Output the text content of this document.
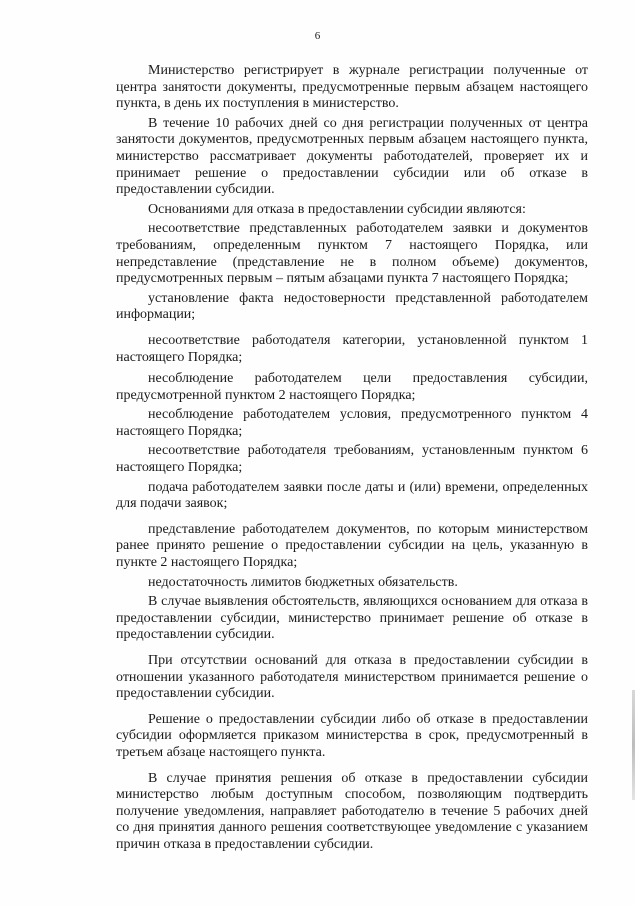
6

Министерство регистрирует в журнале регистрации полученные от центра занятости документы, предусмотренные первым абзацем настоящего пункта, в день их поступления в министерство.

В течение 10 рабочих дней со дня регистрации полученных от центра занятости документов, предусмотренных первым абзацем настоящего пункта, министерство рассматривает документы работодателей, проверяет их и принимает решение о предоставлении субсидии или об отказе в предоставлении субсидии.

Основаниями для отказа в предоставлении субсидии являются:

несоответствие представленных работодателем заявки и документов требованиям, определенным пунктом 7 настоящего Порядка, или непредставление (представление не в полном объеме) документов, предусмотренных первым – пятым абзацами пункта 7 настоящего Порядка;

установление факта недостоверности представленной работодателем информации;

несоответствие работодателя категории, установленной пунктом 1 настоящего Порядка;

несоблюдение работодателем цели предоставления субсидии, предусмотренной пунктом 2 настоящего Порядка;

несоблюдение работодателем условия, предусмотренного пунктом 4 настоящего Порядка;

несоответствие работодателя требованиям, установленным пунктом 6 настоящего Порядка;

подача работодателем заявки после даты и (или) времени, определенных для подачи заявок;

представление работодателем документов, по которым министерством ранее принято решение о предоставлении субсидии на цель, указанную в пункте 2 настоящего Порядка;

недостаточность лимитов бюджетных обязательств.

В случае выявления обстоятельств, являющихся основанием для отказа в предоставлении субсидии, министерство принимает решение об отказе в предоставлении субсидии.

При отсутствии оснований для отказа в предоставлении субсидии в отношении указанного работодателя министерством принимается решение о предоставлении субсидии.

Решение о предоставлении субсидии либо об отказе в предоставлении субсидии оформляется приказом министерства в срок, предусмотренный в третьем абзаце настоящего пункта.

В случае принятия решения об отказе в предоставлении субсидии министерство любым доступным способом, позволяющим подтвердить получение уведомления, направляет работодателю в течение 5 рабочих дней со дня принятия данного решения соответствующее уведомление с указанием причин отказа в предоставлении субсидии.
